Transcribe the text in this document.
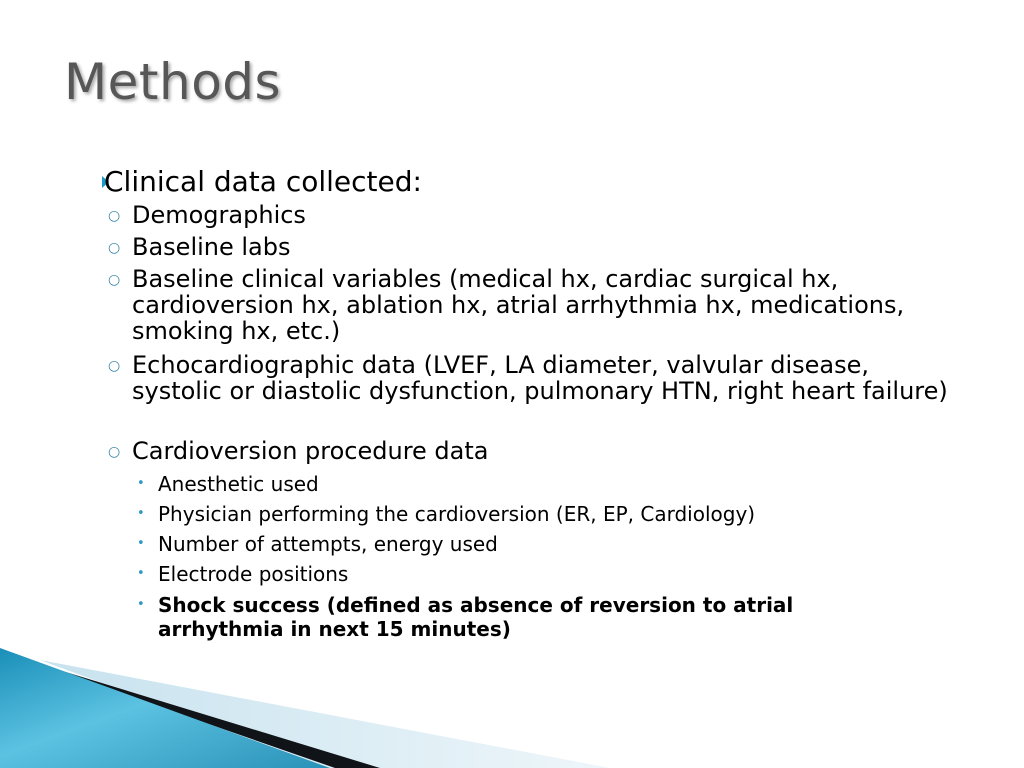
Methods
Clinical data collected:
○ Demographics
○ Baseline labs
○ Baseline clinical variables (medical hx, cardiac surgical hx, cardioversion hx, ablation hx, atrial arrhythmia hx, medications, smoking hx, etc.)
○ Echocardiographic data (LVEF, LA diameter, valvular disease, systolic or diastolic dysfunction, pulmonary HTN, right heart failure)
○ Cardioversion procedure data
• Anesthetic used
• Physician performing the cardioversion (ER, EP, Cardiology)
• Number of attempts, energy used
• Electrode positions
• Shock success (defined as absence of reversion to atrial arrhythmia in next 15 minutes)
